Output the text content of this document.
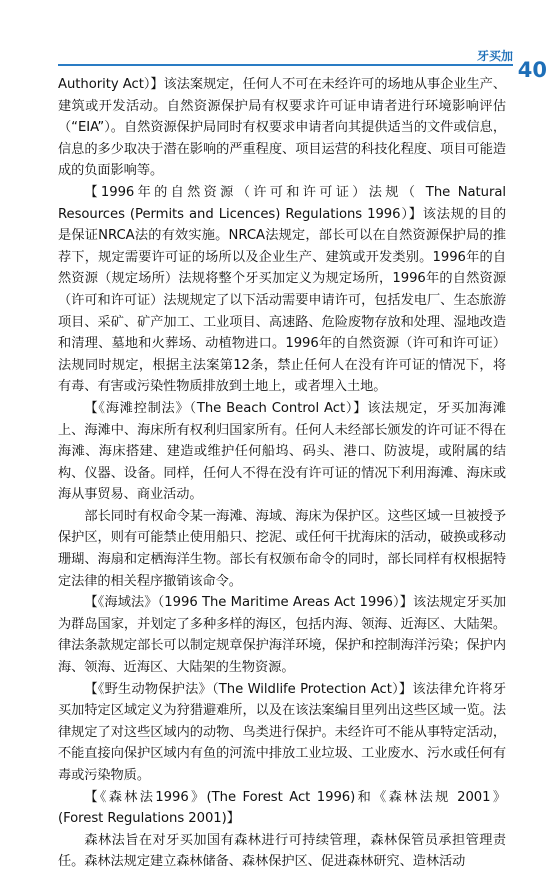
牙买加
40

Authority Act）】该法案规定，任何人不可在未经许可的场地从事企业生产、建筑或开发活动。自然资源保护局有权要求许可证申请者进行环境影响评估（“EIA”）。自然资源保护局同时有权要求申请者向其提供适当的文件或信息，信息的多少取决于潜在影响的严重程度、项目运营的科技化程度、项目可能造成的负面影响等。

【1996年的自然资源（许可和许可证）法规（ The Natural Resources (Permits and Licences) Regulations 1996）】该法规的目的是保证NRCA法的有效实施。NRCA法规定，部长可以在自然资源保护局的推荐下，规定需要许可证的场所以及企业生产、建筑或开发类别。1996年的自然资源（规定场所）法规将整个牙买加定义为规定场所，1996年的自然资源（许可和许可证）法规规定了以下活动需要申请许可，包括发电厂、生态旅游项目、采矿、矿产加工、工业项目、高速路、危险废物存放和处理、湿地改造和清理、墓地和火葬场、动植物进口。1996年的自然资源（许可和许可证）法规同时规定，根据主法案第12条，禁止任何人在没有许可证的情况下，将有毒、有害或污染性物质排放到土地上，或者埋入土地。

【《海滩控制法》（The Beach Control Act）】该法规定，牙买加海滩上、海滩中、海床所有权利归国家所有。任何人未经部长颁发的许可证不得在海滩、海床搭建、建造或维护任何船坞、码头、港口、防波堤，或附属的结构、仪器、设备。同样，任何人不得在没有许可证的情况下利用海滩、海床或海从事贸易、商业活动。

部长同时有权命令某一海滩、海域、海床为保护区。这些区域一旦被授予保护区，则有可能禁止使用船只、挖泥、或任何干扰海床的活动，破换或移动珊瑚、海扇和定栖海洋生物。部长有权颁布命令的同时，部长同样有权根据特定法律的相关程序撤销该命令。

【《海域法》（1996 The Maritime Areas Act 1996）】该法规定牙买加为群岛国家，并划定了多种多样的海区，包括内海、领海、近海区、大陆架。律法条款规定部长可以制定规章保护海洋环境，保护和控制海洋污染；保护内海、领海、近海区、大陆架的生物资源。

【《野生动物保护法》（The Wildlife Protection Act）】该法律允许将牙买加特定区域定义为狩猎避难所，以及在该法案编目里列出这些区域一览。法律规定了对这些区域内的动物、鸟类进行保护。未经许可不能从事特定活动，不能直接向保护区域内有鱼的河流中排放工业垃圾、工业废水、污水或任何有毒或污染物质。

【《森林法1996》(The Forest Act 1996)和《森林法规 2001》(Forest Regulations 2001)】

森林法旨在对牙买加国有森林进行可持续管理，森林保管员承担管理责任。森林法规定建立森林储备、森林保护区、促进森林研究、造林活动
